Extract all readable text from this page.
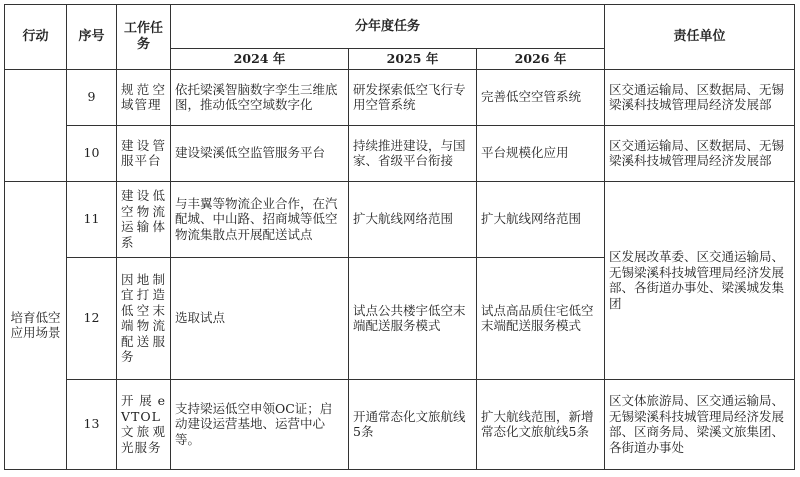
行动	序号	工作任务	分年度任务			责任单位
			2024 年	2025 年	2026 年	
	9	规范空域管理	依托梁溪智脑数字孪生三维底图，推动低空空域数字化	研发探索低空飞行专用空管系统	完善低空空管系统	区交通运输局、区数据局、无锡梁溪科技城管理局经济发展部
	10	建设管服平台	建设梁溪低空监管服务平台	持续推进建设，与国家、省级平台衔接	平台规模化应用	区交通运输局、区数据局、无锡梁溪科技城管理局经济发展部
培育低空应用场景	11	建设低空物流运输体系	与丰翼等物流企业合作，在汽配城、中山路、招商城等低空物流集散点开展配送试点	扩大航线网络范围	扩大航线网络范围	区发展改革委、区交通运输局、无锡梁溪科技城管理局经济发展部、各街道办事处、梁溪城发集团
	12	因地制宜打造低空末端物流配送服务	选取试点	试点公共楼宇低空末端配送服务模式	试点高品质住宅低空末端配送服务模式	
	13	开展eVTOL文旅观光服务	支持梁运低空申领OC证；启动建设运营基地、运营中心等。	开通常态化文旅航线5条	扩大航线范围，新增常态化文旅航线5条	区文体旅游局、区交通运输局、无锡梁溪科技城管理局经济发展部、区商务局、梁溪文旅集团、各街道办事处
